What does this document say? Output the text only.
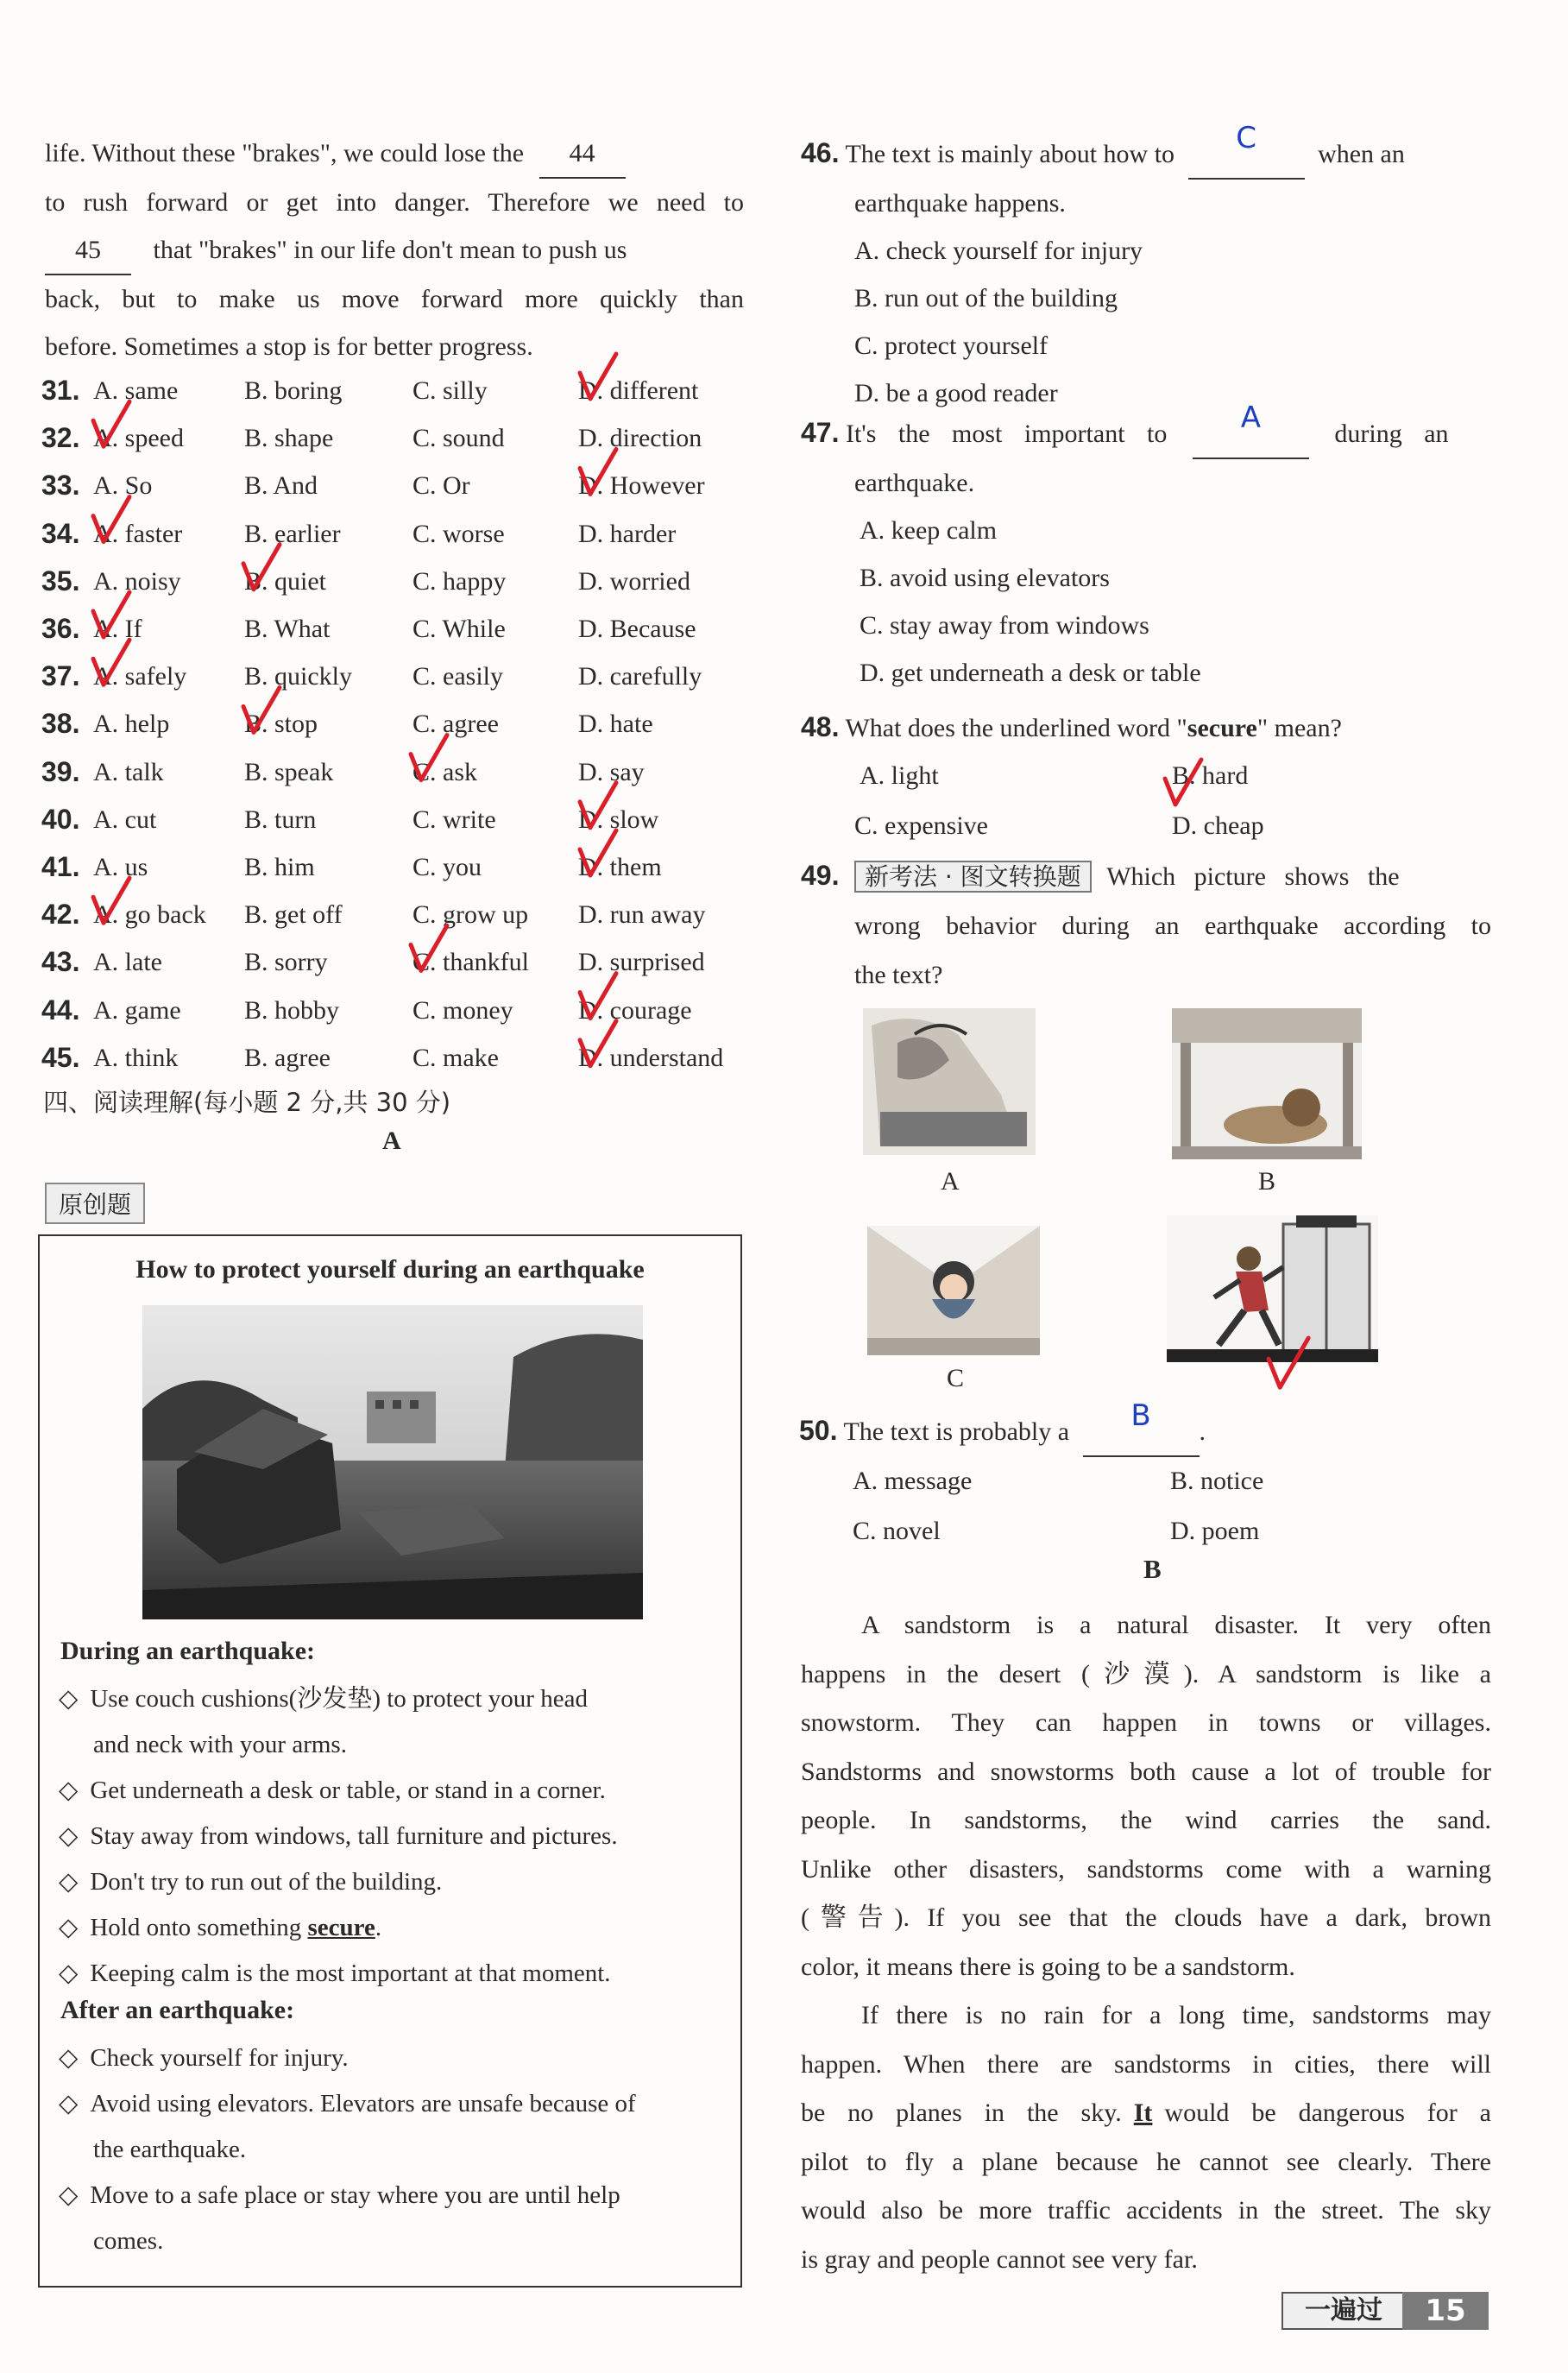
life. Without these "brakes", we could lose the 44
to rush forward or get into danger. Therefore we need to
45 that "brakes" in our life don't mean to push us
back, but to make us move forward more quickly than
before. Sometimes a stop is for better progress.
31. A. same	B. boring	C. silly	D. different
32. A. speed B. shape	C. sound	D. direction
33. A. So	B. And	C. Or	D. However
34. A. faster B. earlier	C. worse	D. harder
35. A. noisy B. quiet	C. happy	D. worried
36. A. If	B. What	C. While	D. Because
37. A. safely B. quickly C. easily	D. carefully
38. A. help	B. stop	C. agree	D. hate
39. A. talk	B. speak	C. ask	D. say
40. A. cut	B. turn	C. write	D. slow
41. A. us	B. him	C. you	D. them
42. A. go back B. get off	C. grow up D. run away
43. A. late	B. sorry	C. thankful D. surprised
44. A. game B. hobby	C. money	D. courage
45. A. think	B. agree	C. make	D. understand
四、阅读理解(每小题 2 分,共 30 分)
A
原创题
How to protect yourself during an earthquake
During an earthquake:
◇ Use couch cushions(沙发垫) to protect your head
and neck with your arms.
◇ Get underneath a desk or table, or stand in a corner.
◇ Stay away from windows, tall furniture and pictures.
◇ Don't try to run out of the building.
◇ Hold onto something secure.
◇ Keeping calm is the most important at that moment.
After an earthquake:
◇ Check yourself for injury.
◇ Avoid using elevators. Elevators are unsafe because of
the earthquake.
◇ Move to a safe place or stay where you are until help
comes.
46. The text is mainly about how to	C	when an
earthquake happens.
A. check yourself for injury
B. run out of the building
C. protect yourself
D. be a good reader
47. It's the most important to	A	during an
earthquake.
A. keep calm
B. avoid using elevators
C. stay away from windows
D. get underneath a desk or table
48. What does the underlined word "secure" mean?
A. light	B. hard
C. expensive	D. cheap
49. 新考法 · 图文转换题 Which picture shows the
wrong behavior during an earthquake according to
the text?
A	B
C
50. The text is probably a	B	.
A. message	B. notice
C. novel	D. poem
B
A sandstorm is a natural disaster. It very often
happens in the desert (沙漠). A sandstorm is like a
snowstorm. They can happen in towns or villages.
Sandstorms and snowstorms both cause a lot of trouble for
people. In sandstorms, the wind carries the sand.
Unlike other disasters, sandstorms come with a warning
(警告). If you see that the clouds have a dark, brown
color, it means there is going to be a sandstorm.
If there is no rain for a long time, sandstorms may
happen. When there are sandstorms in cities, there will
be no planes in the sky. It would be dangerous for a
pilot to fly a plane because he cannot see clearly. There
would also be more traffic accidents in the street. The sky
is gray and people cannot see very far.
一遍过	15
